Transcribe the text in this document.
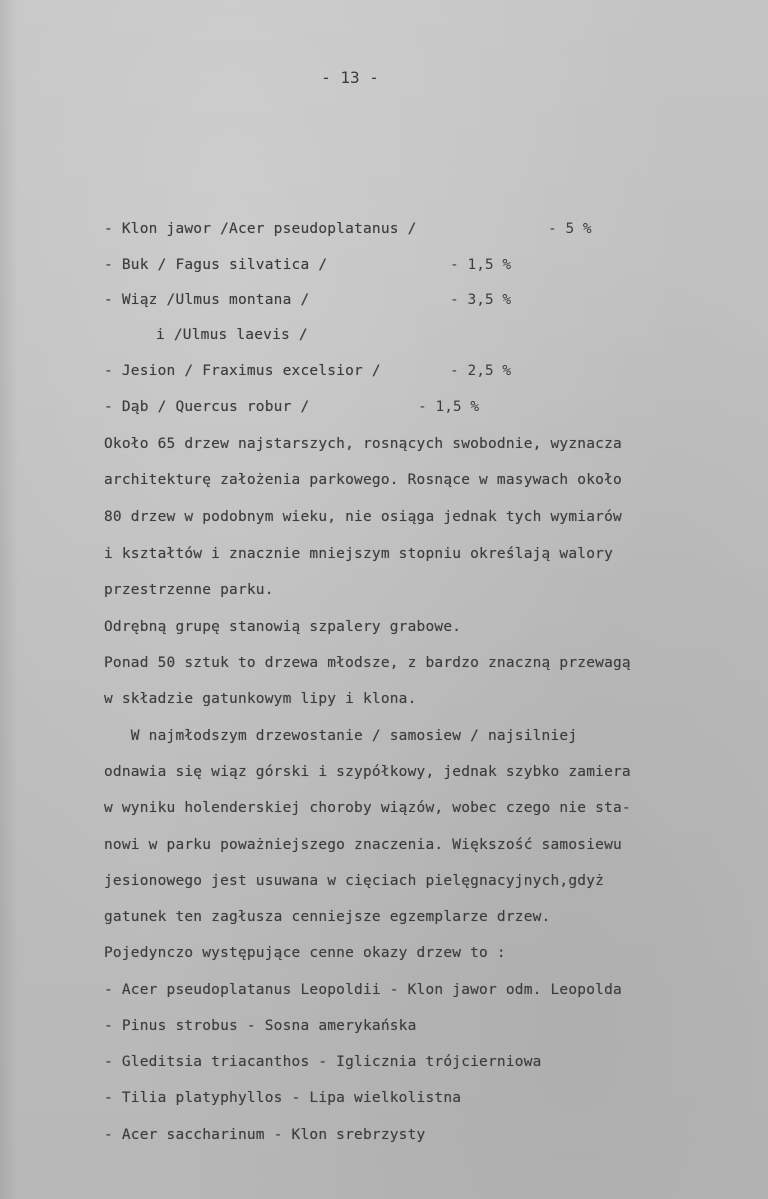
- 13 -
- Klon jawor /Acer pseudoplatanus /	- 5 %
- Buk / Fagus silvatica /	- 1,5 %
- Wiąz /Ulmus montana /	- 3,5 %
i /Ulmus laevis /
- Jesion / Fraximus excelsior /	- 2,5 %
- Dąb / Quercus robur /	- 1,5 %
Około 65 drzew najstarszych, rosnących swobodnie, wyznacza
architekturę założenia parkowego. Rosnące w masywach około
80 drzew w podobnym wieku, nie osiąga jednak tych wymiarów
i kształtów i znacznie mniejszym stopniu określają walory
przestrzenne parku.
Odrębną grupę stanowią szpalery grabowe.
Ponad 50 sztuk to drzewa młodsze, z bardzo znaczną przewagą
w składzie gatunkowym lipy i klona.
W najmłodszym drzewostanie / samosiew / najsilniej
odnawia się wiąz górski i szypółkowy, jednak szybko zamiera
w wyniku holenderskiej choroby wiązów, wobec czego nie sta-
nowi w parku poważniejszego znaczenia. Większość samosiewu
jesionowego jest usuwana w cięciach pielęgnacyjnych,gdyż
gatunek ten zagłusza cenniejsze egzemplarze drzew.
Pojedynczo występujące cenne okazy drzew to :
- Acer pseudoplatanus Leopoldii - Klon jawor odm. Leopolda
- Pinus strobus - Sosna amerykańska
- Gleditsia triacanthos - Iglicznia trójcierniowa
- Tilia platyphyllos - Lipa wielkolistna
- Acer saccharinum - Klon srebrzysty
